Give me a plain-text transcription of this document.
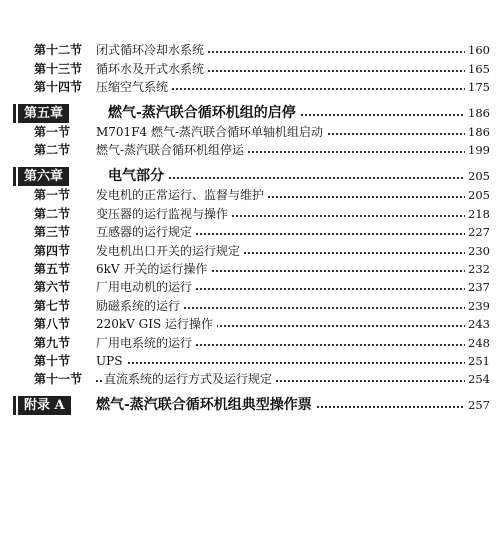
第十二节 闭式循环冷却水系统	160
第十三节 循环水及开式水系统	165
第十四节 压缩空气系统	175
第五章	燃气-蒸汽联合循环机组的启停	186
第一节 M701F4 燃气-蒸汽联合循环单轴机组启动	186
第二节 燃气-蒸汽联合循环机组停运	199
第六章	电气部分	205
第一节 发电机的正常运行、监督与维护	205
第二节 变压器的运行监视与操作	218
第三节 互感器的运行规定	227
第四节 发电机出口开关的运行规定	230
第五节 6kV 开关的运行操作	232
第六节 厂用电动机的运行	237
第七节 励磁系统的运行	239
第八节 220kV GIS 运行操作	243
第九节 厂用电系统的运行	248
第十节 UPS	251
第十一节 直流系统的运行方式及运行规定	254
附录 A	燃气-蒸汽联合循环机组典型操作票	257
